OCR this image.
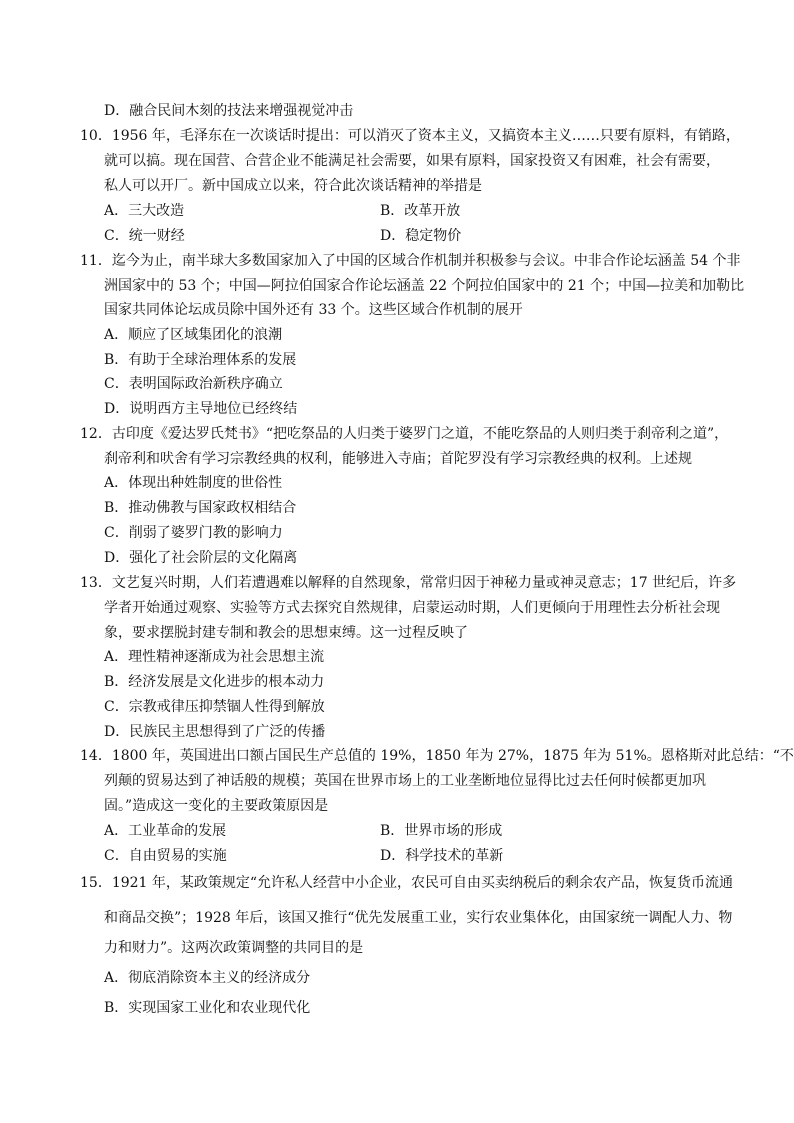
D．融合民间木刻的技法来增强视觉冲击
10．1956 年，毛泽东在一次谈话时提出：可以消灭了资本主义，又搞资本主义……只要有原料，有销路，
就可以搞。现在国营、合营企业不能满足社会需要，如果有原料，国家投资又有困难，社会有需要，
私人可以开厂。新中国成立以来，符合此次谈话精神的举措是
A．三大改造	B．改革开放
C．统一财经	D．稳定物价
11．迄今为止，南半球大多数国家加入了中国的区域合作机制并积极参与会议。中非合作论坛涵盖 54 个非
洲国家中的 53 个；中国—阿拉伯国家合作论坛涵盖 22 个阿拉伯国家中的 21 个；中国—拉美和加勒比
国家共同体论坛成员除中国外还有 33 个。这些区域合作机制的展开
A．顺应了区域集团化的浪潮
B．有助于全球治理体系的发展
C．表明国际政治新秩序确立
D．说明西方主导地位已经终结
12．古印度《爱达罗氏梵书》“把吃祭品的人归类于婆罗门之道，不能吃祭品的人则归类于刹帝利之道”，
刹帝利和吠舍有学习宗教经典的权利，能够进入寺庙；首陀罗没有学习宗教经典的权利。上述规
A．体现出种姓制度的世俗性
B．推动佛教与国家政权相结合
C．削弱了婆罗门教的影响力
D．强化了社会阶层的文化隔离
13．文艺复兴时期，人们若遭遇难以解释的自然现象，常常归因于神秘力量或神灵意志；17 世纪后，许多
学者开始通过观察、实验等方式去探究自然规律，启蒙运动时期，人们更倾向于用理性去分析社会现
象，要求摆脱封建专制和教会的思想束缚。这一过程反映了
A．理性精神逐渐成为社会思想主流
B．经济发展是文化进步的根本动力
C．宗教戒律压抑禁锢人性得到解放
D．民族民主思想得到了广泛的传播
14．1800 年，英国进出口额占国民生产总值的 19%，1850 年为 27%，1875 年为 51%。恩格斯对此总结：“不
列颠的贸易达到了神话般的规模；英国在世界市场上的工业垄断地位显得比过去任何时候都更加巩
固。”造成这一变化的主要政策原因是
A．工业革命的发展	B．世界市场的形成
C．自由贸易的实施	D．科学技术的革新
15．1921 年，某政策规定“允许私人经营中小企业，农民可自由买卖纳税后的剩余农产品，恢复货币流通
和商品交换”；1928 年后，该国又推行“优先发展重工业，实行农业集体化，由国家统一调配人力、物
力和财力”。这两次政策调整的共同目的是
A．彻底消除资本主义的经济成分
B．实现国家工业化和农业现代化
